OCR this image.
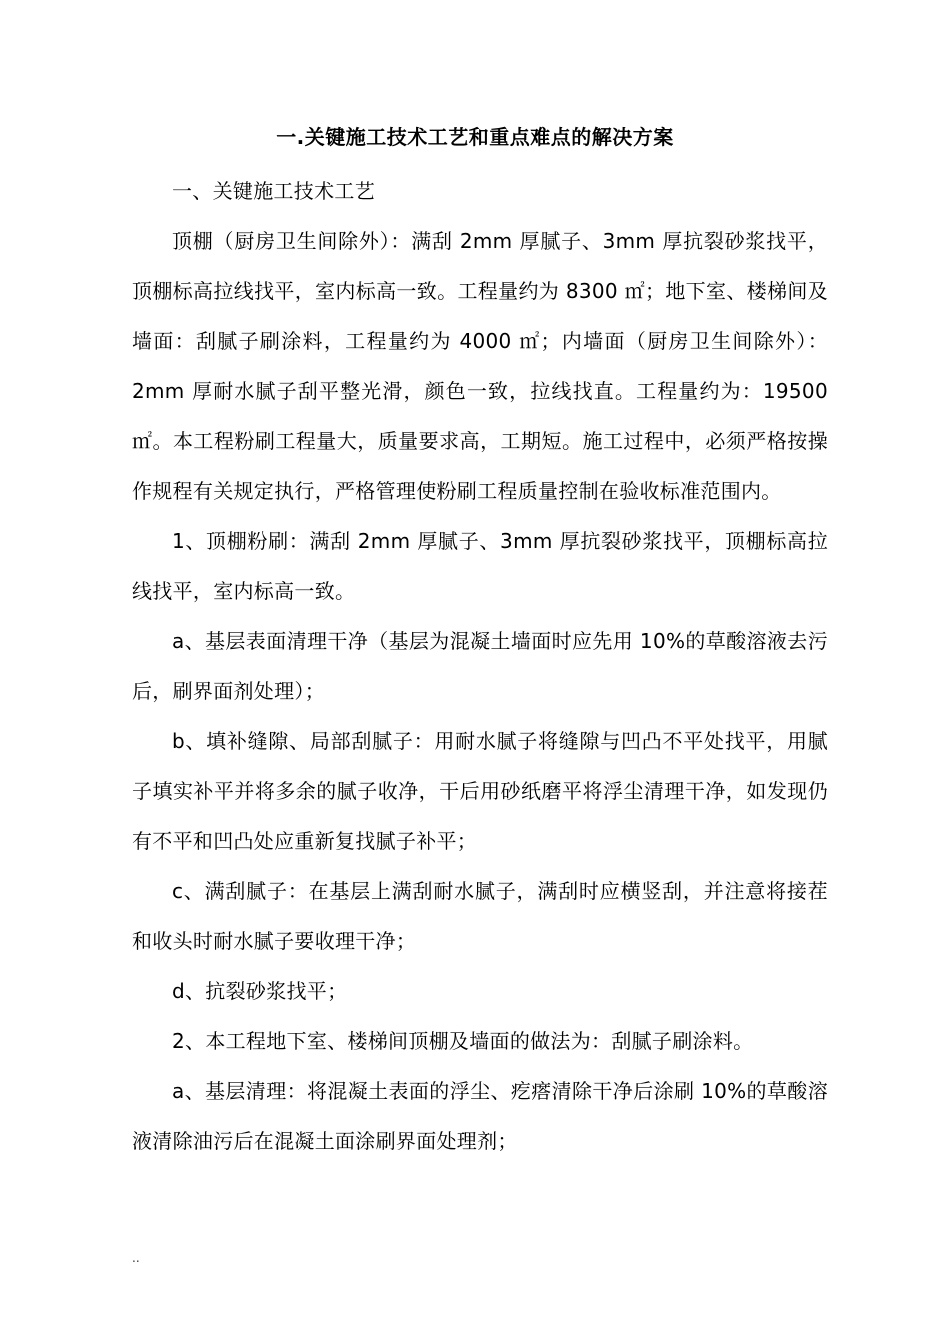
一.关键施工技术工艺和重点难点的解决方案

一、关键施工技术工艺

顶棚（厨房卫生间除外）：满刮 2mm 厚腻子、3mm 厚抗裂砂浆找平，顶棚标高拉线找平，室内标高一致。工程量约为 8300 ㎡；地下室、楼梯间及墙面：刮腻子刷涂料，工程量约为 4000 ㎡；内墙面（厨房卫生间除外）：2mm 厚耐水腻子刮平整光滑，颜色一致，拉线找直。工程量约为：19500 ㎡。本工程粉刷工程量大，质量要求高，工期短。施工过程中，必须严格按操作规程有关规定执行，严格管理使粉刷工程质量控制在验收标准范围内。

1、顶棚粉刷：满刮 2mm 厚腻子、3mm 厚抗裂砂浆找平，顶棚标高拉线找平，室内标高一致。

a、基层表面清理干净（基层为混凝土墙面时应先用 10%的草酸溶液去污后，刷界面剂处理）；

b、填补缝隙、局部刮腻子：用耐水腻子将缝隙与凹凸不平处找平，用腻子填实补平并将多余的腻子收净，干后用砂纸磨平将浮尘清理干净，如发现仍有不平和凹凸处应重新复找腻子补平；

c、满刮腻子：在基层上满刮耐水腻子，满刮时应横竖刮，并注意将接茬和收头时耐水腻子要收理干净；

d、抗裂砂浆找平；

2、本工程地下室、楼梯间顶棚及墙面的做法为：刮腻子刷涂料。

a、基层清理：将混凝土表面的浮尘、疙瘩清除干净后涂刷 10%的草酸溶液清除油污后在混凝土面涂刷界面处理剂；

..
